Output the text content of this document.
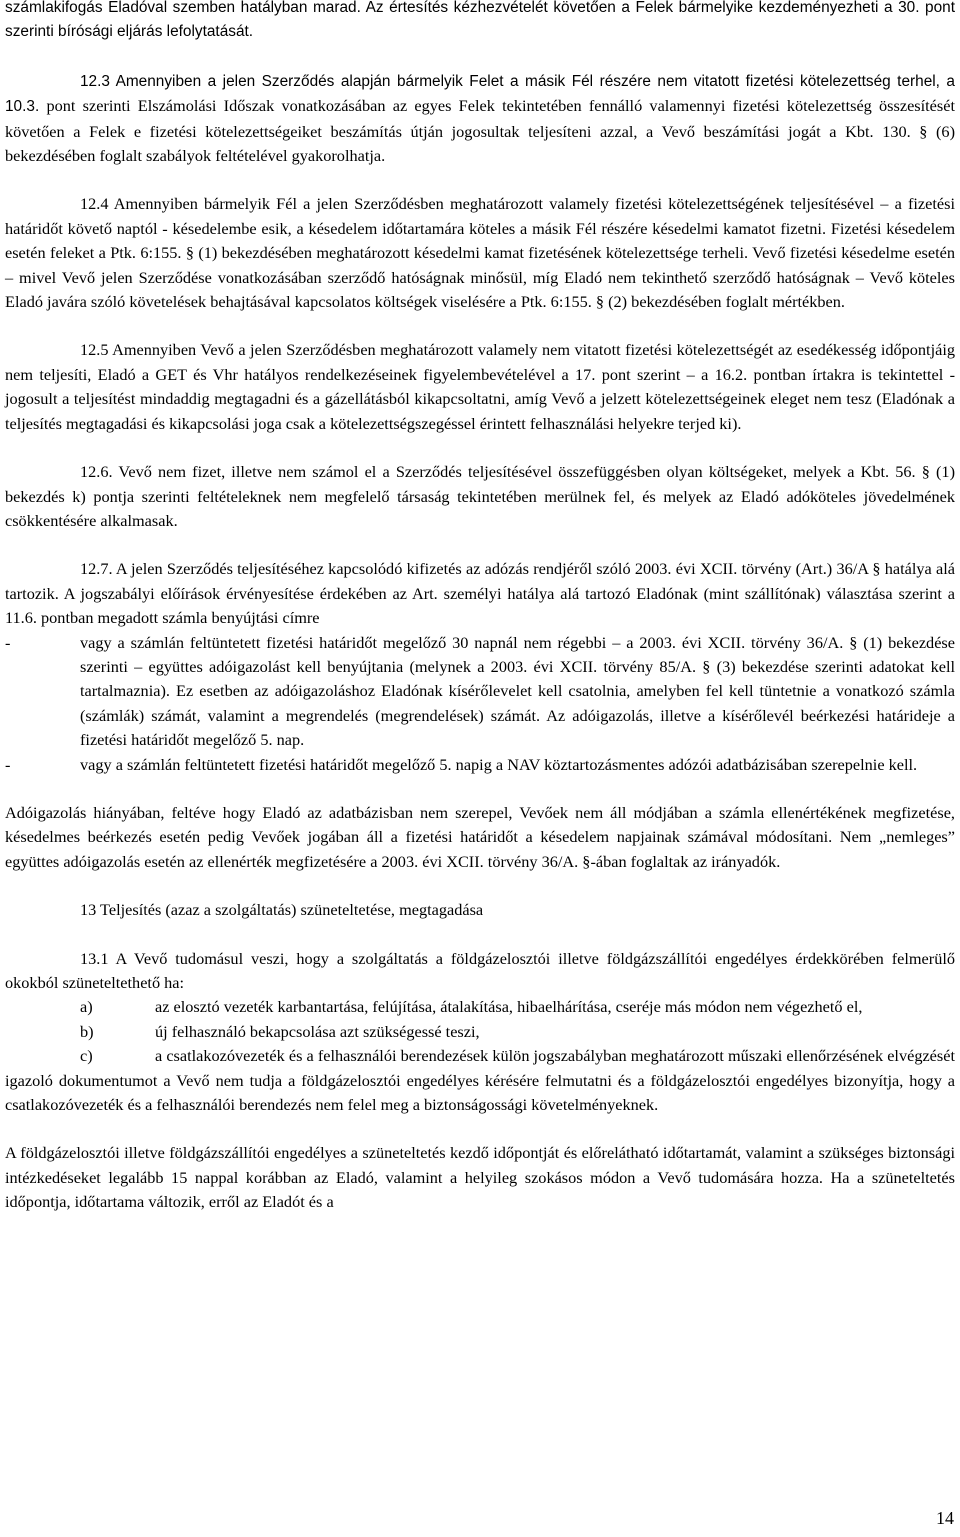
számlakifogás Eladóval szemben hatályban marad. Az értesítés kézhezvételét követően a Felek bármelyike kezdeményezheti a 30. pont szerinti bírósági eljárás lefolytatását.

12.3 Amennyiben a jelen Szerződés alapján bármelyik Felet a másik Fél részére nem vitatott fizetési kötelezettség terhel, a 10.3. pont szerinti Elszámolási Időszak vonatkozásában az egyes Felek tekintetében fennálló valamennyi fizetési kötelezettség összesítését követően a Felek e fizetési kötelezettségeiket beszámítás útján jogosultak teljesíteni azzal, a Vevő beszámítási jogát a Kbt. 130. § (6) bekezdésében foglalt szabályok feltételével gyakorolhatja.

12.4 Amennyiben bármelyik Fél a jelen Szerződésben meghatározott valamely fizetési kötelezettségének teljesítésével – a fizetési határidőt követő naptól - késedelembe esik, a késedelem időtartamára köteles a másik Fél részére késedelmi kamatot fizetni. Fizetési késedelem esetén feleket a Ptk. 6:155. § (1) bekezdésében meghatározott késedelmi kamat fizetésének kötelezettsége terheli. Vevő fizetési késedelme esetén – mivel Vevő jelen Szerződése vonatkozásában szerződő hatóságnak minősül, míg Eladó nem tekinthető szerződő hatóságnak – Vevő köteles Eladó javára szóló követelések behajtásával kapcsolatos költségek viselésére a Ptk. 6:155. § (2) bekezdésében foglalt mértékben.

12.5 Amennyiben Vevő a jelen Szerződésben meghatározott valamely nem vitatott fizetési kötelezettségét az esedékesség időpontjáig nem teljesíti, Eladó a GET és Vhr hatályos rendelkezéseinek figyelembevételével a 17. pont szerint – a 16.2. pontban írtakra is tekintettel - jogosult a teljesítést mindaddig megtagadni és a gázellátásból kikapcsoltatni, amíg Vevő a jelzett kötelezettségeinek eleget nem tesz (Eladónak a teljesítés megtagadási és kikapcsolási joga csak a kötelezettségszegéssel érintett felhasználási helyekre terjed ki).

12.6. Vevő nem fizet, illetve nem számol el a Szerződés teljesítésével összefüggésben olyan költségeket, melyek a Kbt. 56. § (1) bekezdés k) pontja szerinti feltételeknek nem megfelelő társaság tekintetében merülnek fel, és melyek az Eladó adóköteles jövedelmének csökkentésére alkalmasak.

12.7. A jelen Szerződés teljesítéséhez kapcsolódó kifizetés az adózás rendjéről szóló 2003. évi XCII. törvény (Art.) 36/A § hatálya alá tartozik. A jogszabályi előírások érvényesítése érdekében az Art. személyi hatálya alá tartozó Eladónak (mint szállítónak) választása szerint a 11.6. pontban megadott számla benyújtási címre

-	vagy a számlán feltüntetett fizetési határidőt megelőző 30 napnál nem régebbi – a 2003. évi XCII. törvény 36/A. § (1) bekezdése szerinti – együttes adóigazolást kell benyújtania (melynek a 2003. évi XCII. törvény 85/A. § (3) bekezdése szerinti adatokat kell tartalmaznia). Ez esetben az adóigazoláshoz Eladónak kísérőlevelet kell csatolnia, amelyben fel kell tüntetnie a vonatkozó számla (számlák) számát, valamint a megrendelés (megrendelések) számát. Az adóigazolás, illetve a kísérőlevél beérkezési határideje a fizetési határidőt megelőző 5. nap.
-	vagy a számlán feltüntetett fizetési határidőt megelőző 5. napig a NAV köztartozásmentes adózói adatbázisában szerepelnie kell.

Adóigazolás hiányában, feltéve hogy Eladó az adatbázisban nem szerepel, Vevőek nem áll módjában a számla ellenértékének megfizetése, késedelmes beérkezés esetén pedig Vevőek jogában áll a fizetési határidőt a késedelem napjainak számával módosítani. Nem „nemleges” együttes adóigazolás esetén az ellenérték megfizetésére a 2003. évi XCII. törvény 36/A. §-ában foglaltak az irányadók.

13 Teljesítés (azaz a szolgáltatás) szüneteltetése, megtagadása

13.1 A Vevő tudomásul veszi, hogy a szolgáltatás a földgázelosztói illetve földgázszállítói engedélyes érdekkörében felmerülő okokból szüneteltethető ha:

a)	az elosztó vezeték karbantartása, felújítása, átalakítása, hibaelhárítása, cseréje más módon nem végezhető el,

b)	új felhasználó bekapcsolása azt szükségessé teszi,

c)	a csatlakozóvezeték és a felhasználói berendezések külön jogszabályban meghatározott műszaki ellenőrzésének elvégzését igazoló dokumentumot a Vevő nem tudja a földgázelosztói engedélyes kérésére felmutatni és a földgázelosztói engedélyes bizonyítja, hogy a csatlakozóvezeték és a felhasználói berendezés nem felel meg a biztonságossági követelményeknek.

A földgázelosztói illetve földgázszállítói engedélyes a szüneteltetés kezdő időpontját és előrelátható időtartamát, valamint a szükséges biztonsági intézkedéseket legalább 15 nappal korábban az Eladó, valamint a helyileg szokásos módon a Vevő tudomására hozza. Ha a szüneteltetés időpontja, időtartama változik, erről az Eladót és a

14
